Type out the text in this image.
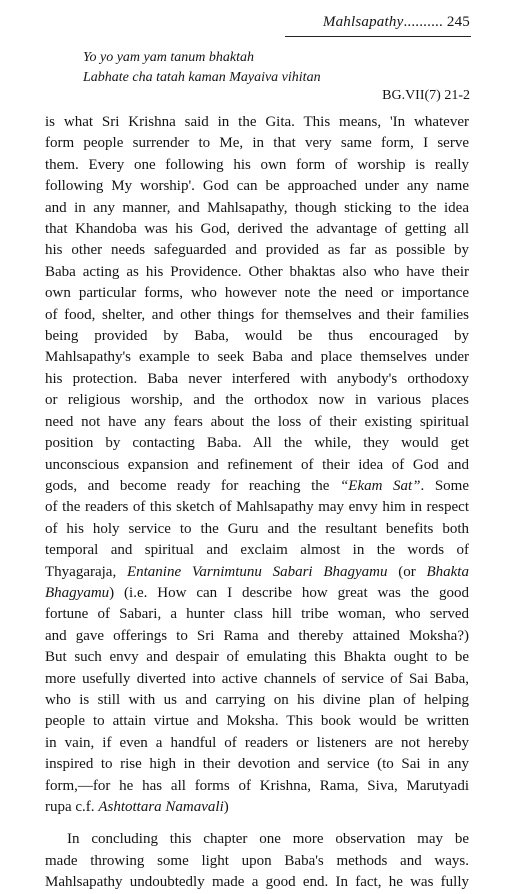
Mahlsapathy.......... 245
Yo yo yam yam tanum bhaktah
Labhate cha tatah kaman Mayaiva vihitan
BG.VII(7) 21-2
is what Sri Krishna said in the Gita. This means, 'In whatever
form people surrender to Me, in that very same form, I serve
them. Every one following his own form of worship is really
following My worship'. God can be approached under any name
and in any manner, and Mahlsapathy, though sticking to the idea
that Khandoba was his God, derived the advantage of getting all
his other needs safeguarded and provided as far as possible by
Baba acting as his Providence. Other bhaktas also who have their
own particular forms, who however note the need or importance
of food, shelter, and other things for themselves and their families
being provided by Baba, would be thus encouraged by
Mahlsapathy's example to seek Baba and place themselves under
his protection. Baba never interfered with anybody's orthodoxy
or religious worship, and the orthodox now in various places
need not have any fears about the loss of their existing spiritual
position by contacting Baba. All the while, they would get
unconscious expansion and refinement of their idea of God and
gods, and become ready for reaching the “Ekam Sat”. Some
of the readers of this sketch of Mahlsapathy may envy him in respect
of his holy service to the Guru and the resultant benefits both
temporal and spiritual and exclaim almost in the words of
Thyagaraja, Entanine Varnimtunu Sabari Bhagyamu (or Bhakta
Bhagyamu) (i.e. How can I describe how great was the good
fortune of Sabari, a hunter class hill tribe woman, who served
and gave offerings to Sri Rama and thereby attained Moksha?)
But such envy and despair of emulating this Bhakta ought to be
more usefully diverted into active channels of service of Sai Baba,
who is still with us and carrying on his divine plan of helping
people to attain virtue and Moksha. This book would be written
in vain, if even a handful of readers or listeners are not hereby
inspired to rise high in their devotion and service (to Sai in any
form,—for he has all forms of Krishna, Rama, Siva, Marutyadi
rupa c.f. Ashtottara Namavali)
In concluding this chapter one more observation may be
made throwing some light upon Baba's methods and ways.
Mahlsapathy undoubtedly made a good end. In fact, he was fully
